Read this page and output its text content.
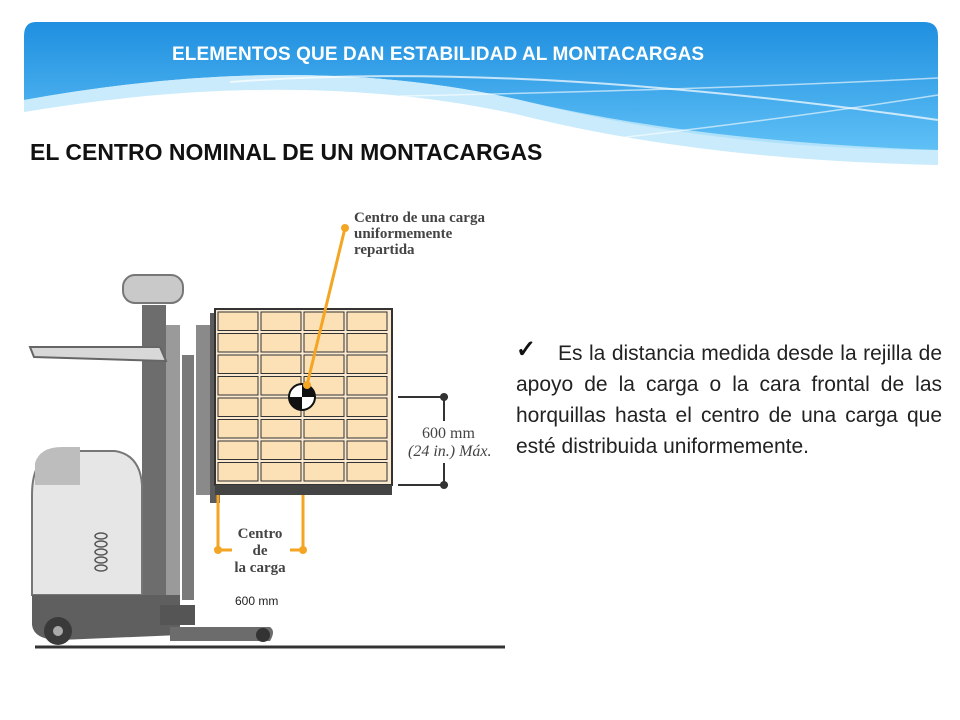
ELEMENTOS QUE DAN ESTABILIDAD AL MONTACARGAS
EL CENTRO NOMINAL DE UN MONTACARGAS
Centro de una carga
uniformemente
repartida
600 mm
(24 in.) Máx.
Centro
de
la carga
600 mm
✓	Es la distancia medida desde la rejilla de apoyo de la carga o la cara frontal de las horquillas hasta el centro de una carga que esté distribuida uniformemente.
